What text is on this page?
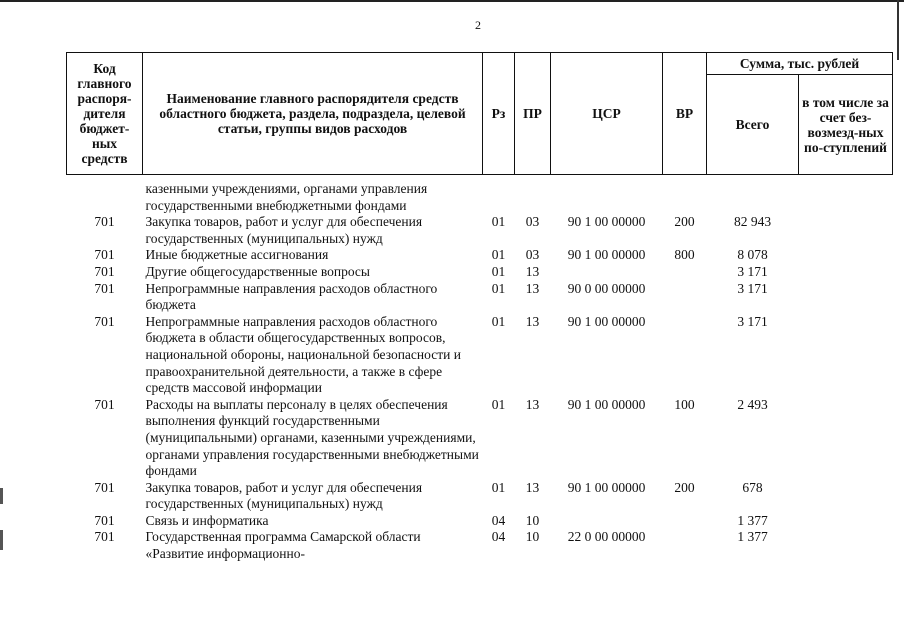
2
Код главного распоря-дителя бюджет-ных средств	Наименование главного распорядителя средств областного бюджета, раздела, подраздела, целевой статьи, группы видов расходов	Рз	ПР	ЦСР	ВР	Сумма, тыс. рублей	
						Всего	в том числе за счет без-возмезд-ных по-ступлений

	казенными учреждениями, органами управления государственными внебюджетными фондами						
701	Закупка товаров, работ и услуг для обеспечения государственных (муниципальных) нужд	01	03	90 1 00 00000	200	82 943	
701	Иные бюджетные ассигнования	01	03	90 1 00 00000	800	8 078	
701	Другие общегосударственные вопросы	01	13			3 171	
701	Непрограммные направления расходов областного бюджета	01	13	90 0 00 00000		3 171	
701	Непрограммные направления расходов областного бюджета в области общегосударственных вопросов, национальной обороны, национальной безопасности и правоохранительной деятельности, а также в сфере средств массовой информации	01	13	90 1 00 00000		3 171	
701	Расходы на выплаты персоналу в целях обеспечения выполнения функций государственными (муниципальными) органами, казенными учреждениями, органами управления государственными внебюджетными фондами	01	13	90 1 00 00000	100	2 493	
701	Закупка товаров, работ и услуг для обеспечения государственных (муниципальных) нужд	01	13	90 1 00 00000	200	678	
701	Связь и информатика	04	10			1 377	
701	Государственная программа Самарской области «Развитие информационно-	04	10	22 0 00 00000		1 377	
